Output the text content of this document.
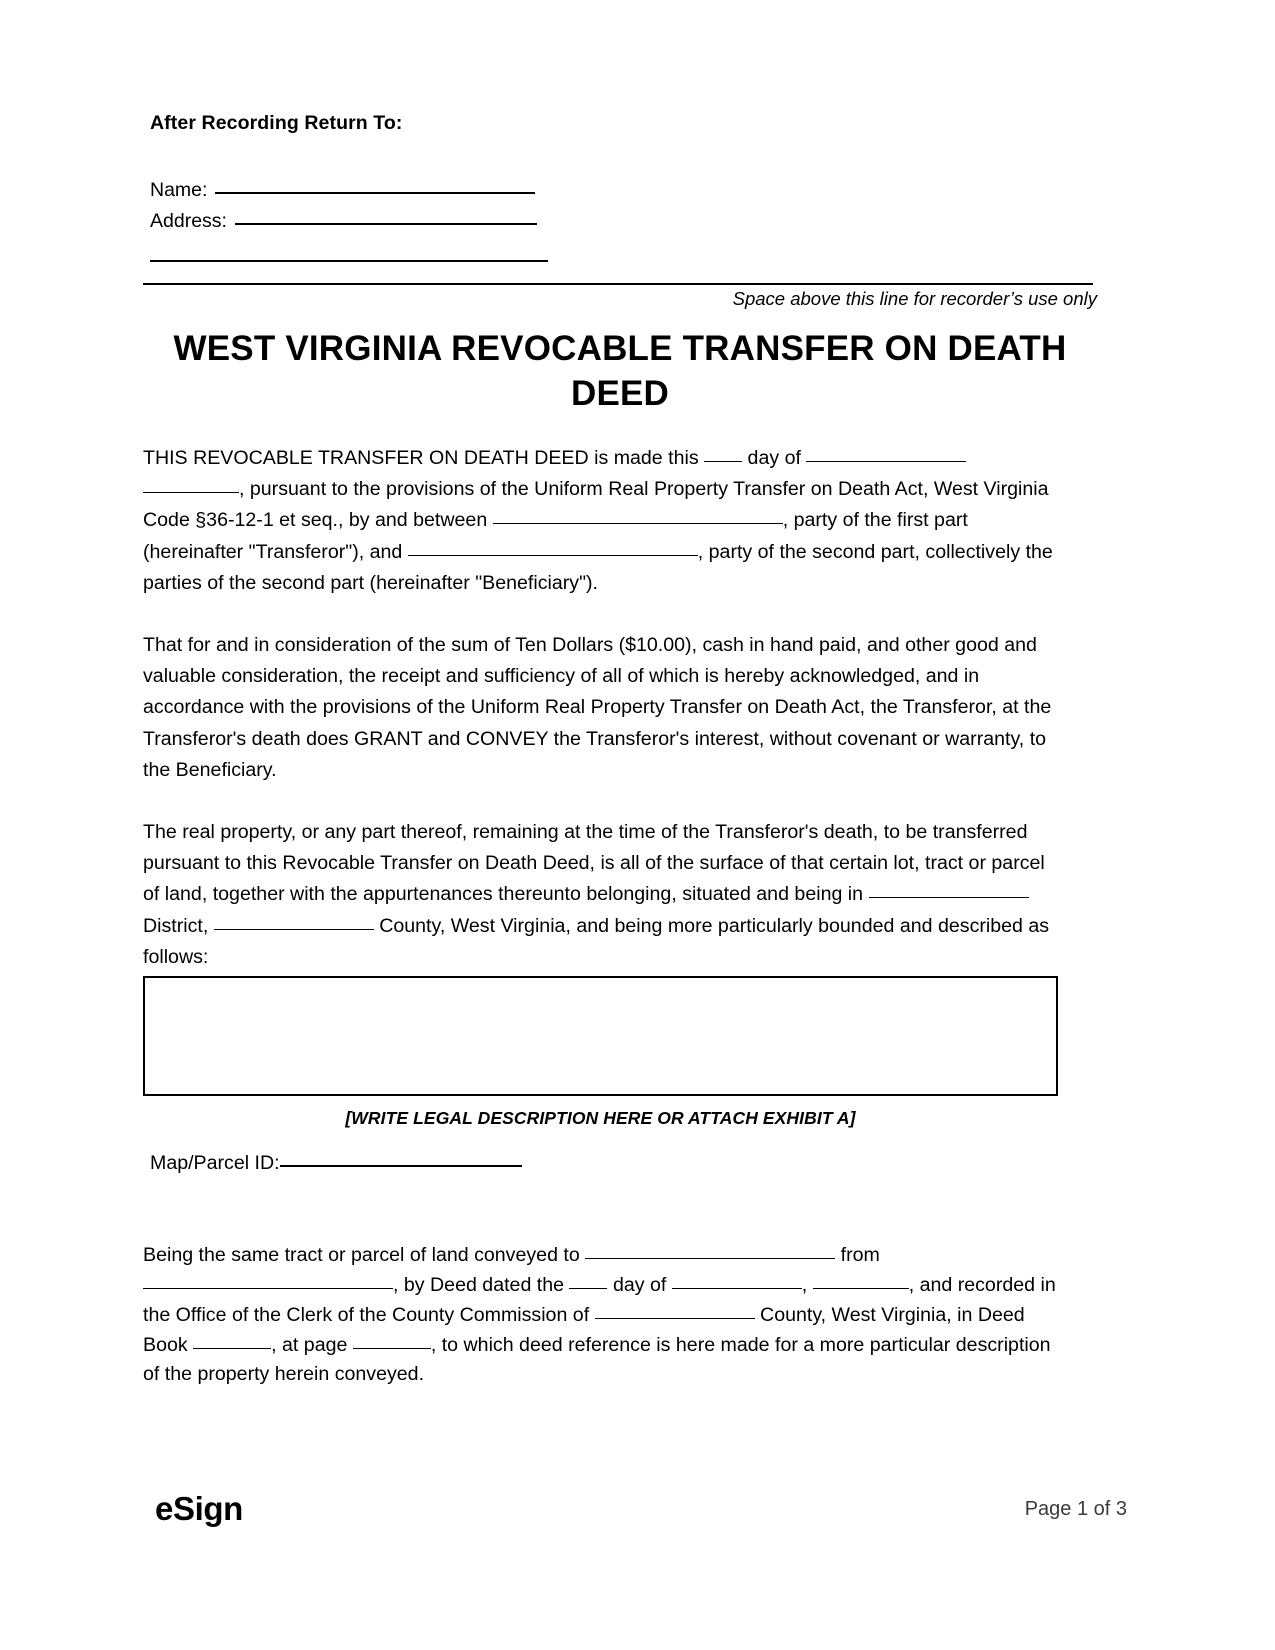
After Recording Return To:
Name:
Address:
Space above this line for recorder’s use only
WEST VIRGINIA REVOCABLE TRANSFER ON DEATH DEED

THIS REVOCABLE TRANSFER ON DEATH DEED is made this day of , pursuant to the provisions of the Uniform Real Property Transfer on Death Act, West Virginia Code §36-12-1 et seq., by and between	, party of the first part (hereinafter "Transferor"), and	, party of the second part, collectively the parties of the second part (hereinafter "Beneficiary").

That for and in consideration of the sum of Ten Dollars ($10.00), cash in hand paid, and other good and valuable consideration, the receipt and sufficiency of all of which is hereby acknowledged, and in accordance with the provisions of the Uniform Real Property Transfer on Death Act, the Transferor, at the Transferor's death does GRANT and CONVEY the Transferor's interest, without covenant or warranty, to the Beneficiary.

The real property, or any part thereof, remaining at the time of the Transferor's death, to be transferred pursuant to this Revocable Transfer on Death Deed, is all of the surface of that certain lot, tract or parcel of land, together with the appurtenances thereunto belonging, situated and being in  District,	County, West Virginia, and being more particularly bounded and described as follows:

[WRITE LEGAL DESCRIPTION HERE OR ATTACH EXHIBIT A]
Map/Parcel ID:
Being the same tract or parcel of land conveyed to	from , by Deed dated the day of	,	, and recorded in the Office of the Clerk of the County Commission of	County, West Virginia, in Deed Book	, at page	, to which deed reference is here made for a more particular description of the property herein conveyed.
eSign	Page 1 of 3
